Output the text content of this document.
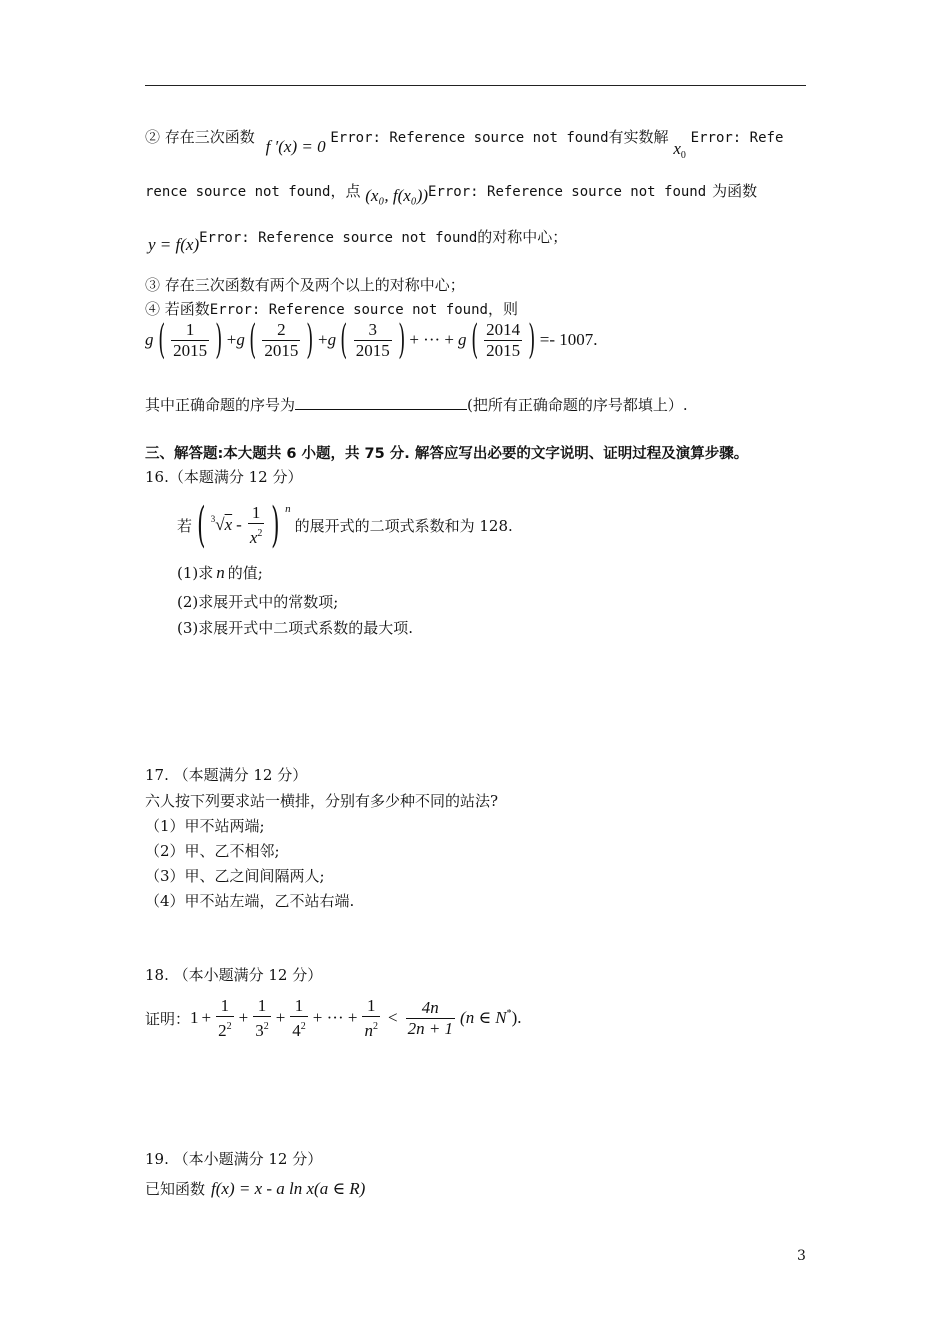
② 存在三次函数 f ′(x) = 0 Error: Reference source not found有实数解 $x_0$ Error: Refe
rence source not found，点 (x₀, f(x₀))Error: Reference source not found 为函数
y = f(x)Error: Reference source not found的对称中心；
③ 存在三次函数有两个及两个以上的对称中心；
④ 若函数Error: Reference source not found，则
g ( $\frac{1}{2015}$ ) + g ( $\frac{2}{2015}$ ) + g ( $\frac{3}{2015}$ ) + ··· + g ( $\frac{2014}{2015}$ ) =- 1007.
其中正确命题的序号为	(把所有正确命题的序号都填上）.
三、解答题:本大题共 6 小题，共 75 分. 解答应写出必要的文字说明、证明过程及演算步骤。
16.（本题满分 12 分）
若 ( $^3√x - \frac{1}{x^2}$ ) n
的展开式的二项式系数和为 128.
(1)求 n 的值;
(2)求展开式中的常数项;
(3)求展开式中二项式系数的最大项.
17. （本题满分 12 分）
六人按下列要求站一横排，分别有多少种不同的站法?
（1）甲不站两端;
（2）甲、乙不相邻;
（3）甲、乙之间间隔两人;
（4）甲不站左端，乙不站右端.
18. （本小题满分 12 分）
证明： $1 + \frac{1}{2^2} + \frac{1}{3^2} + \frac{1}{4^2}$ + ··· + $\frac{1}{n^2} < \frac{4n}{2n + 1} (n$ ∈ N*).
19. （本小题满分 12 分）
已知函数 f(x) = x - a ln x(a ∈ R)
3
